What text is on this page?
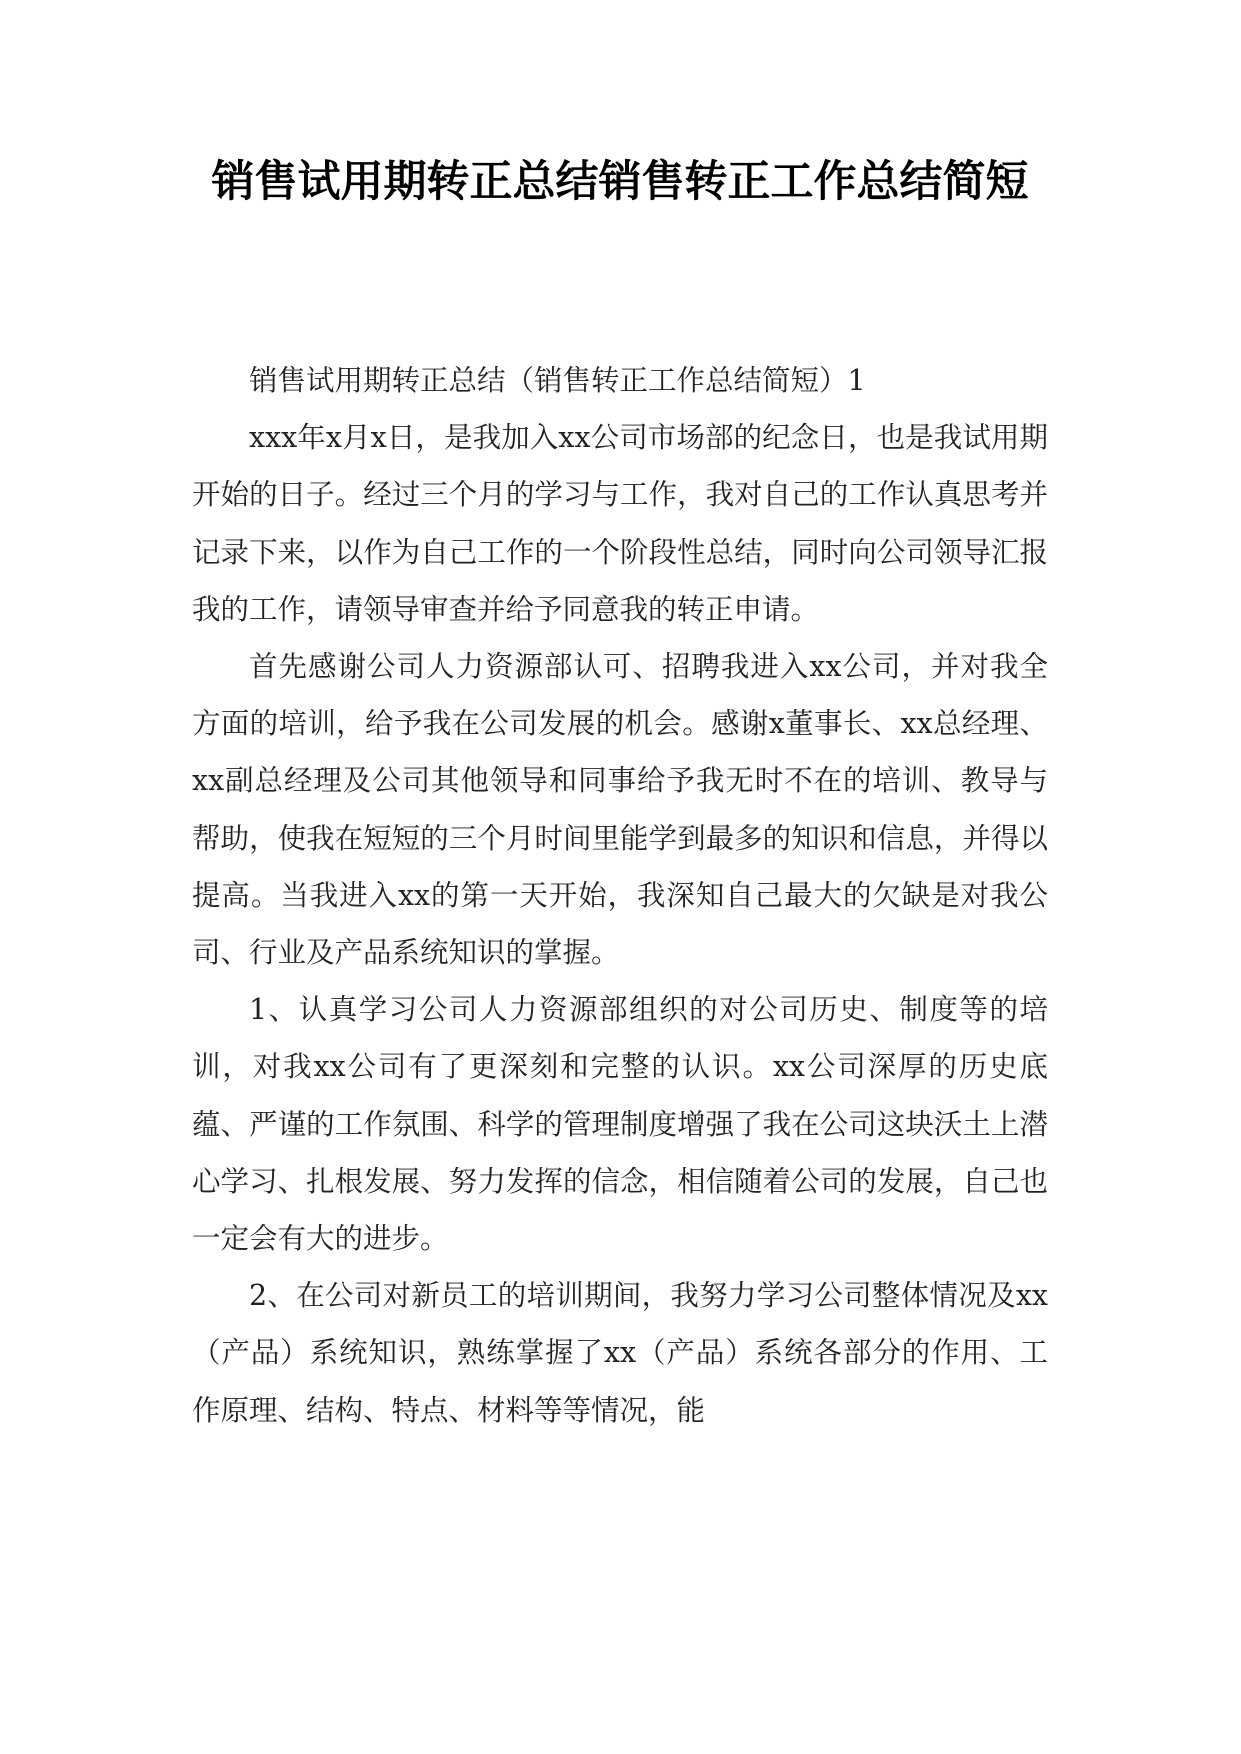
销售试用期转正总结销售转正工作总结简短

销售试用期转正总结（销售转正工作总结简短）1

xxx年x月x日，是我加入xx公司市场部的纪念日，也是我试用期开始的日子。经过三个月的学习与工作，我对自己的工作认真思考并记录下来，以作为自己工作的一个阶段性总结，同时向公司领导汇报我的工作，请领导审查并给予同意我的转正申请。

首先感谢公司人力资源部认可、招聘我进入xx公司，并对我全方面的培训，给予我在公司发展的机会。感谢x董事长、xx总经理、xx副总经理及公司其他领导和同事给予我无时不在的培训、教导与帮助，使我在短短的三个月时间里能学到最多的知识和信息，并得以提高。当我进入xx的第一天开始，我深知自己最大的欠缺是对我公司、行业及产品系统知识的掌握。

1、认真学习公司人力资源部组织的对公司历史、制度等的培训，对我xx公司有了更深刻和完整的认识。xx公司深厚的历史底蕴、严谨的工作氛围、科学的管理制度增强了我在公司这块沃土上潜心学习、扎根发展、努力发挥的信念，相信随着公司的发展，自己也一定会有大的进步。

2、在公司对新员工的培训期间，我努力学习公司整体情况及xx（产品）系统知识，熟练掌握了xx（产品）系统各部分的作用、工作原理、结构、特点、材料等等情况，能
